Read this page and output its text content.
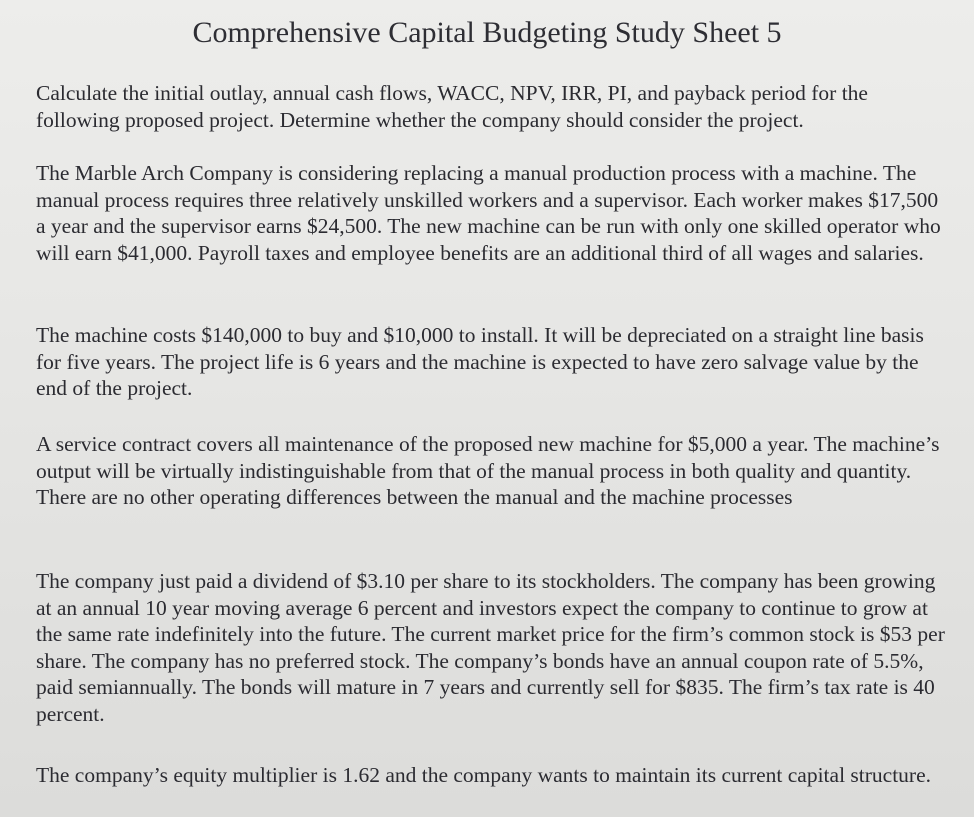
Comprehensive Capital Budgeting Study Sheet 5

Calculate the initial outlay, annual cash flows, WACC, NPV, IRR, PI, and payback period for the following proposed project. Determine whether the company should consider the project.

The Marble Arch Company is considering replacing a manual production process with a machine. The manual process requires three relatively unskilled workers and a supervisor. Each worker makes $17,500 a year and the supervisor earns $24,500. The new machine can be run with only one skilled operator who will earn $41,000. Payroll taxes and employee benefits are an additional third of all wages and salaries.

The machine costs $140,000 to buy and $10,000 to install. It will be depreciated on a straight line basis for five years. The project life is 6 years and the machine is expected to have zero salvage value by the end of the project.

A service contract covers all maintenance of the proposed new machine for $5,000 a year. The machine’s output will be virtually indistinguishable from that of the manual process in both quality and quantity. There are no other operating differences between the manual and the machine processes

The company just paid a dividend of $3.10 per share to its stockholders. The company has been growing at an annual 10 year moving average 6 percent and investors expect the company to continue to grow at the same rate indefinitely into the future. The current market price for the firm’s common stock is $53 per share. The company has no preferred stock. The company’s bonds have an annual coupon rate of 5.5%, paid semiannually. The bonds will mature in 7 years and currently sell for $835. The firm’s tax rate is 40 percent.

The company’s equity multiplier is 1.62 and the company wants to maintain its current capital structure.
